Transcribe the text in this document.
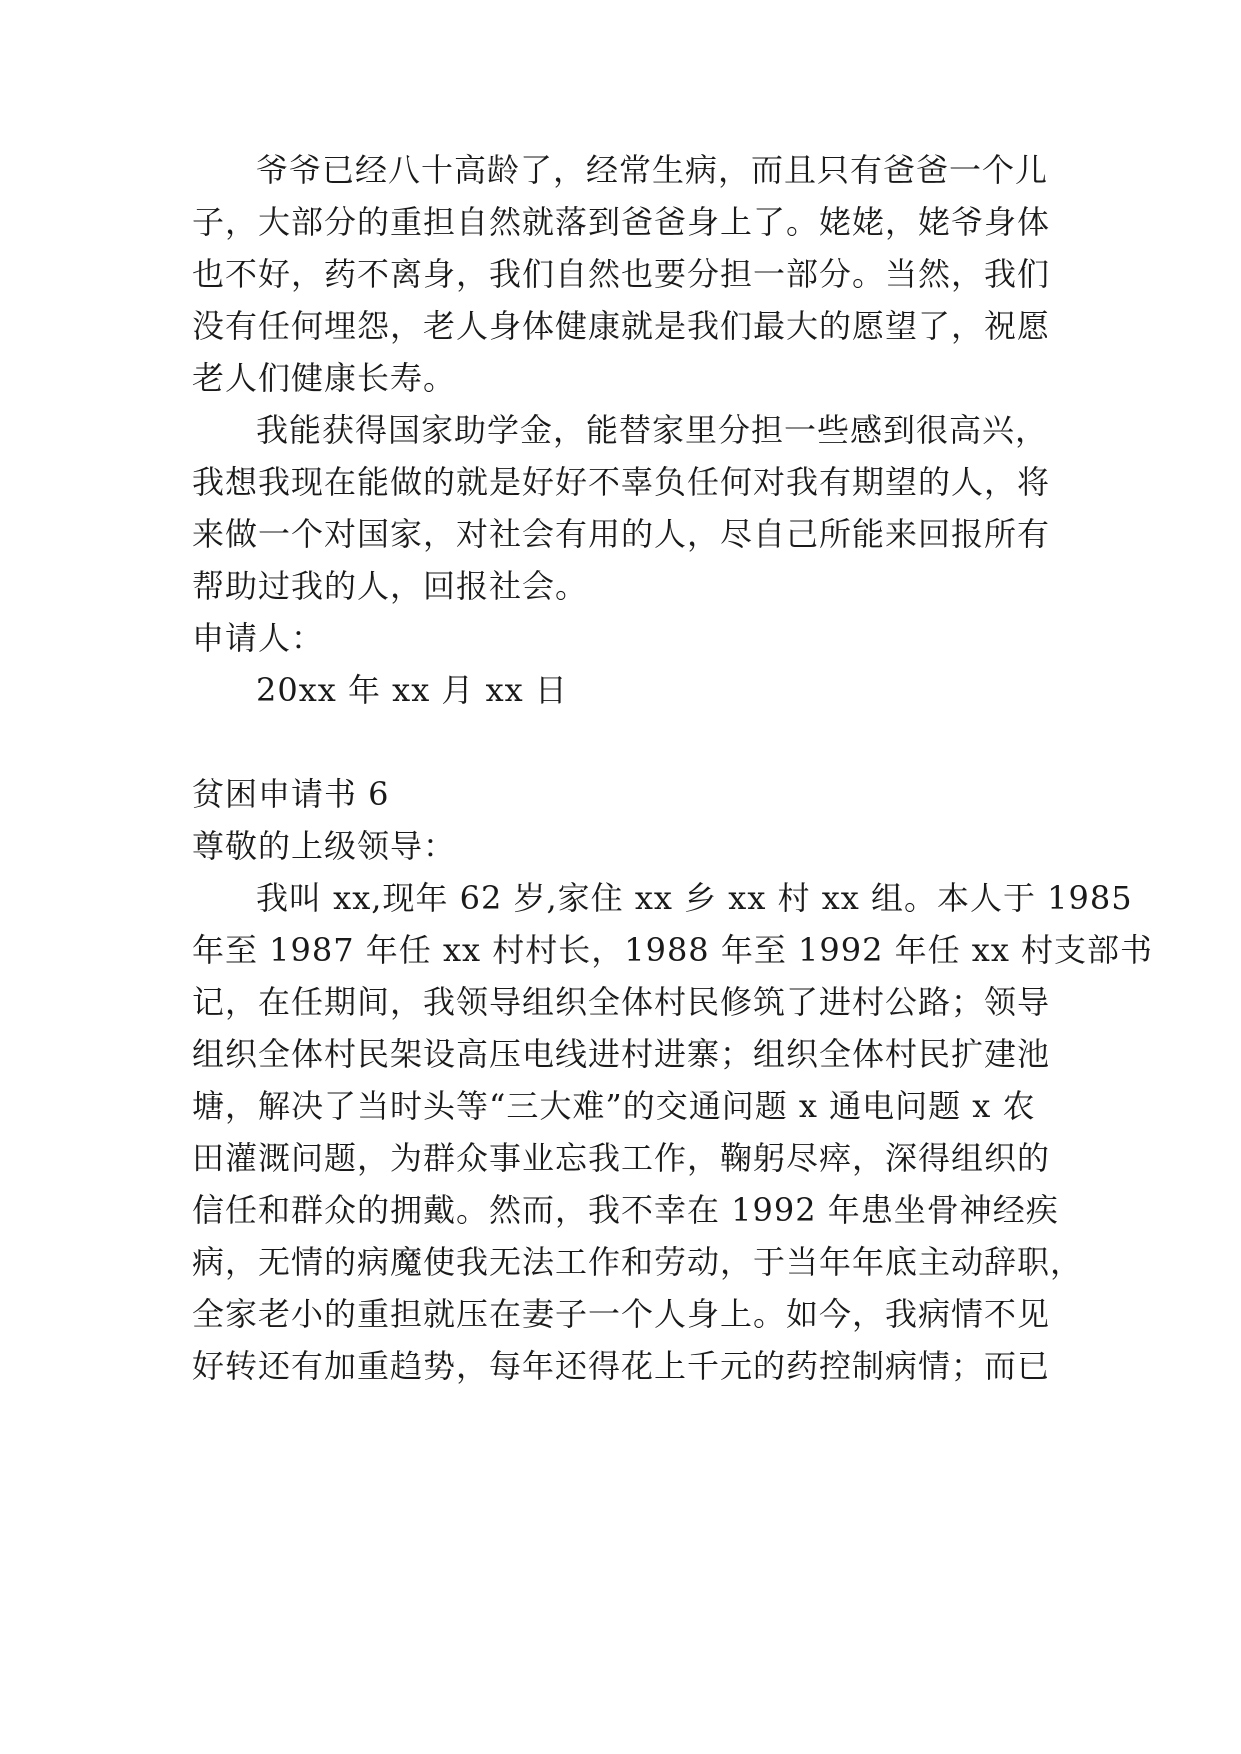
爷爷已经八十高龄了，经常生病，而且只有爸爸一个儿
子，大部分的重担自然就落到爸爸身上了。姥姥，姥爷身体
也不好，药不离身，我们自然也要分担一部分。当然，我们
没有任何埋怨，老人身体健康就是我们最大的愿望了，祝愿
老人们健康长寿。
我能获得国家助学金，能替家里分担一些感到很高兴，
我想我现在能做的就是好好不辜负任何对我有期望的人，将
来做一个对国家，对社会有用的人，尽自己所能来回报所有
帮助过我的人，回报社会。
申请人：
20xx 年 xx 月 xx 日
贫困申请书 6
尊敬的上级领导：
我叫 xx,现年 62 岁,家住 xx 乡 xx 村 xx 组。本人于 1985
年至 1987 年任 xx 村村长，1988 年至 1992 年任 xx 村支部书
记，在任期间，我领导组织全体村民修筑了进村公路；领导
组织全体村民架设高压电线进村进寨；组织全体村民扩建池
塘，解决了当时头等“三大难”的交通问题 x 通电问题 x 农
田灌溉问题，为群众事业忘我工作，鞠躬尽瘁，深得组织的
信任和群众的拥戴。然而，我不幸在 1992 年患坐骨神经疾
病，无情的病魔使我无法工作和劳动，于当年年底主动辞职，
全家老小的重担就压在妻子一个人身上。如今，我病情不见
好转还有加重趋势，每年还得花上千元的药控制病情；而已
